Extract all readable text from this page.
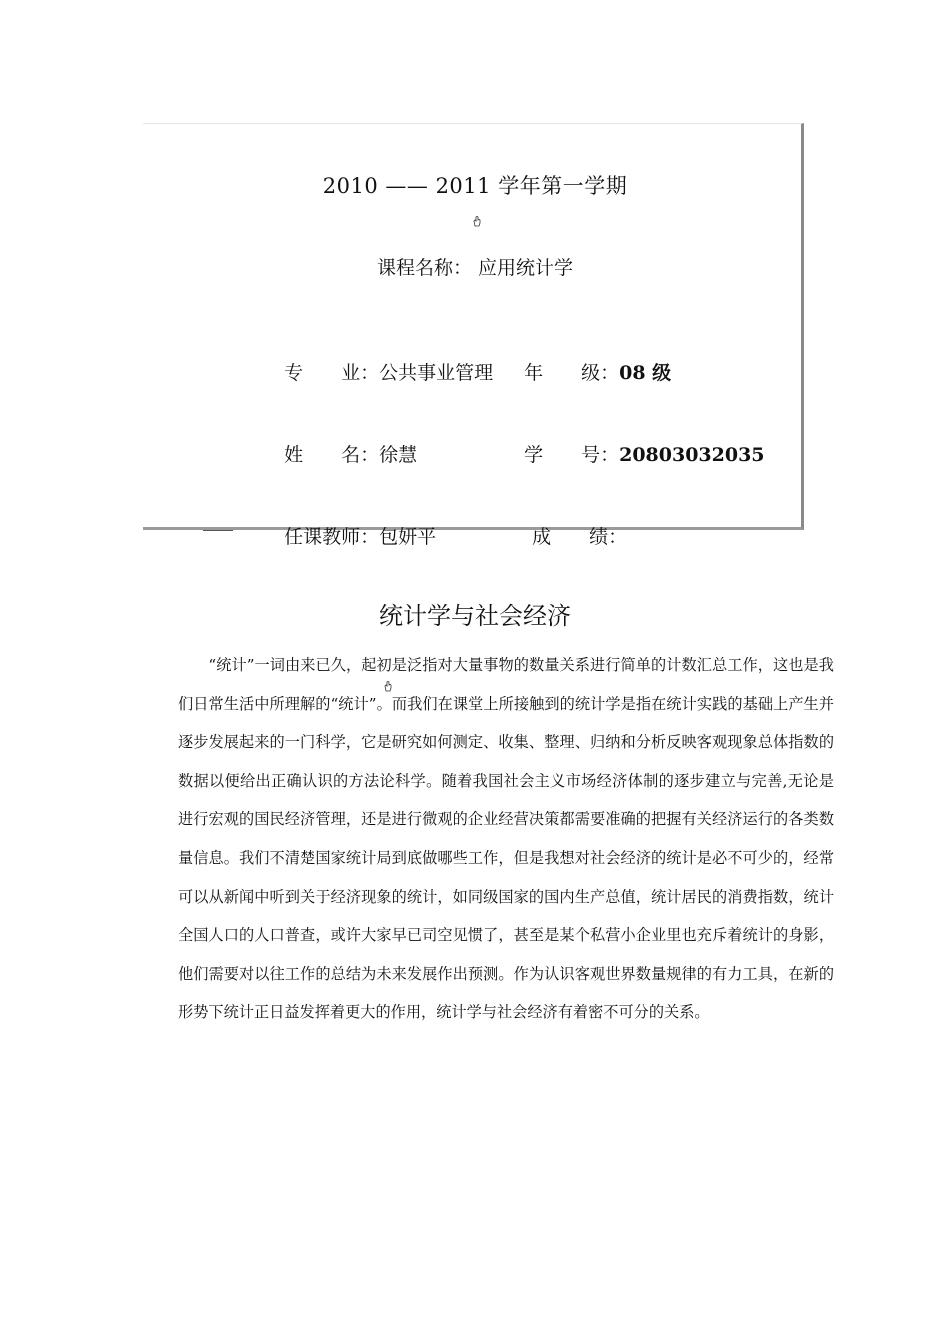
2010 —— 2011 学年第一学期
课程名称： 应用统计学

专　　业：公共事业管理	年　　级：08 级

姓　　名：徐慧	学　　号：20803032035

任课教师：包妍平	成　　绩：

统计学与社会经济
“统计”一词由来已久，起初是泛指对大量事物的数量关系进行简单的计数汇总工作，这也是我们日常生活中所理解的“统计”。而我们在课堂上所接触到的统计学是指在统计实践的基础上产生并逐步发展起来的一门科学，它是研究如何测定、收集、整理、归纳和分析反映客观现象总体指数的数据以便给出正确认识的方法论科学。随着我国社会主义市场经济体制的逐步建立与完善,无论是进行宏观的国民经济管理，还是进行微观的企业经营决策都需要准确的把握有关经济运行的各类数量信息。我们不清楚国家统计局到底做哪些工作，但是我想对社会经济的统计是必不可少的，经常可以从新闻中听到关于经济现象的统计，如同级国家的国内生产总值，统计居民的消费指数，统计全国人口的人口普查，或许大家早已司空见惯了，甚至是某个私营小企业里也充斥着统计的身影，他们需要对以往工作的总结为未来发展作出预测。作为认识客观世界数量规律的有力工具，在新的形势下统计正日益发挥着更大的作用，统计学与社会经济有着密不可分的关系。
